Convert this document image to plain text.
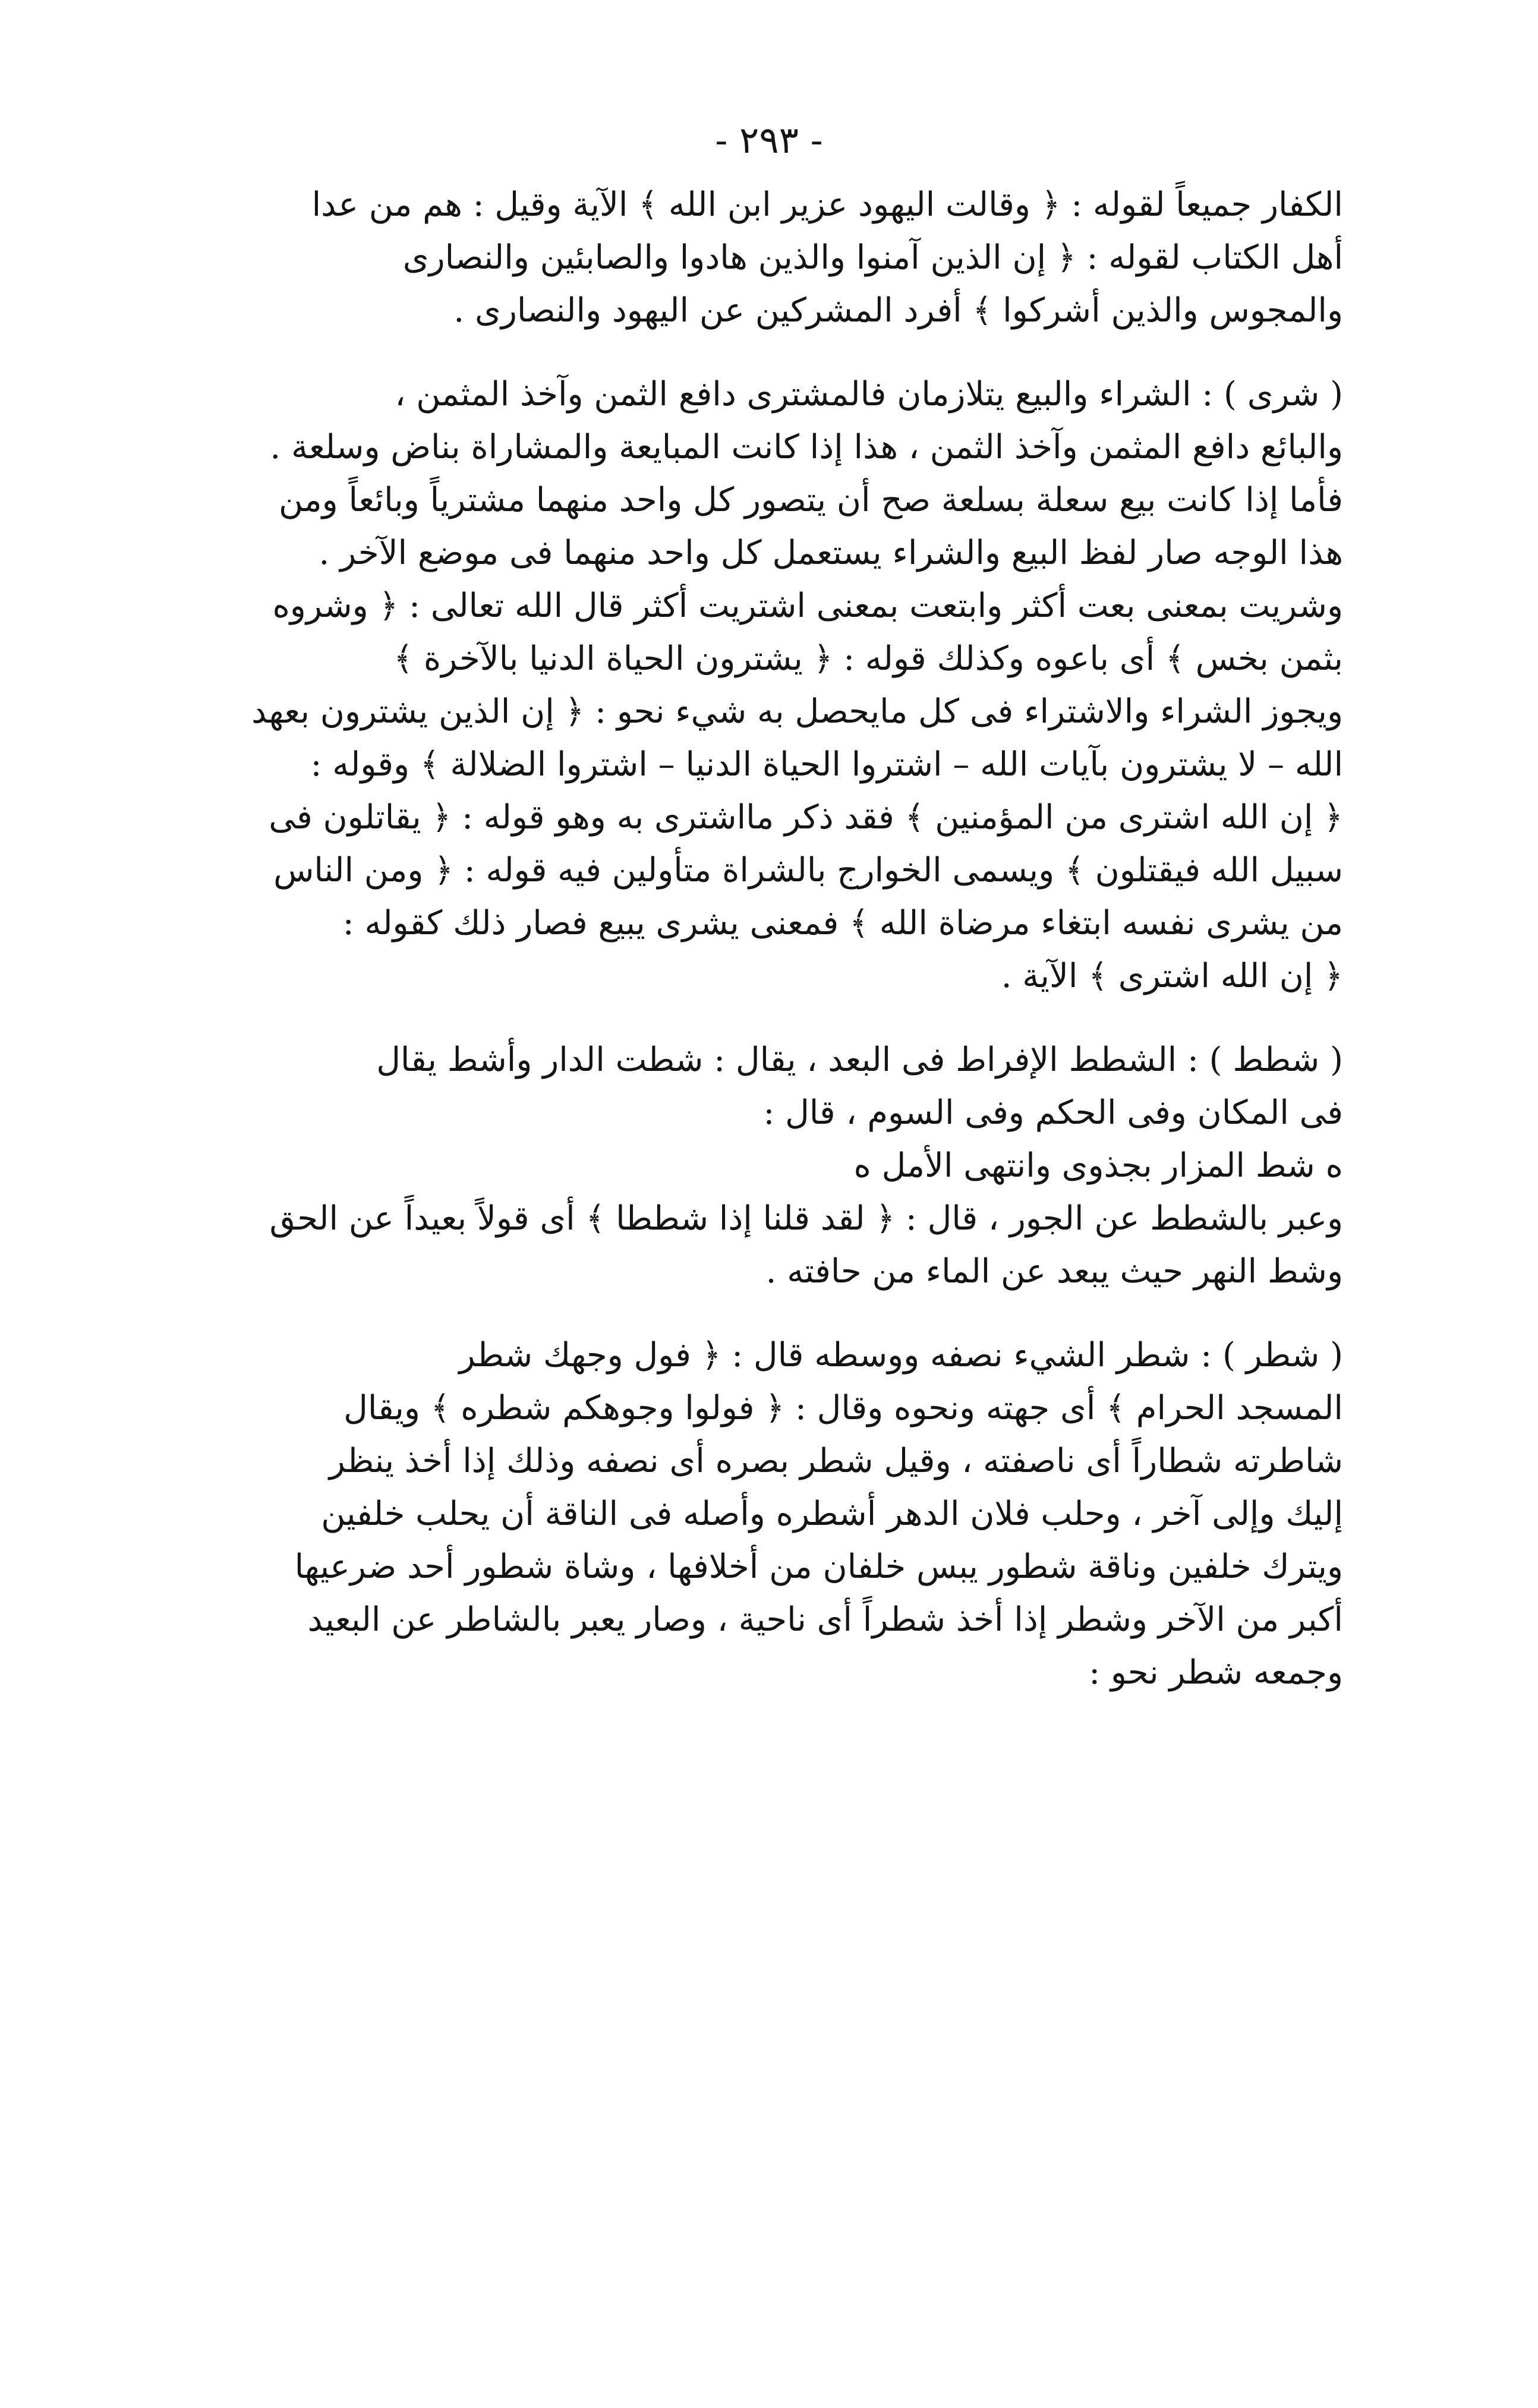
- ٢٩٣ -
الكفار جميعاً لقوله : ﴿ وقالت اليهود عزير ابن الله ﴾ الآية وقيل : هم من عدا
أهل الكتاب لقوله : ﴿ إن الذين آمنوا والذين هادوا والصابئين والنصارى
والمجوس والذين أشركوا ﴾ أفرد المشركين عن اليهود والنصارى .
( شرى ) : الشراء والبيع يتلازمان فالمشترى دافع الثمن وآخذ المثمن ،
والبائع دافع المثمن وآخذ الثمن ، هذا إذا كانت المبايعة والمشاراة بناض وسلعة .
فأما إذا كانت بيع سعلة بسلعة صح أن يتصور كل واحد منهما مشترياً وبائعاً ومن
هذا الوجه صار لفظ البيع والشراء يستعمل كل واحد منهما فى موضع الآخر .
وشريت بمعنى بعت أكثر وابتعت بمعنى اشتريت أكثر قال الله تعالى : ﴿ وشروه
بثمن بخس ﴾ أى باعوه وكذلك قوله : ﴿ يشترون الحياة الدنيا بالآخرة ﴾
ويجوز الشراء والاشتراء فى كل مايحصل به شيء نحو : ﴿ إن الذين يشترون بعهد
الله – لا يشترون بآيات الله – اشتروا الحياة الدنيا – اشتروا الضلالة ﴾ وقوله :
﴿ إن الله اشترى من المؤمنين ﴾ فقد ذكر مااشترى به وهو قوله : ﴿ يقاتلون فى
سبيل الله فيقتلون ﴾ ويسمى الخوارج بالشراة متأولين فيه قوله : ﴿ ومن الناس
من يشرى نفسه ابتغاء مرضاة الله ﴾ فمعنى يشرى يبيع فصار ذلك كقوله :
﴿ إن الله اشترى ﴾ الآية .
( شطط ) : الشطط الإفراط فى البعد ، يقال : شطت الدار وأشط يقال
فى المكان وفى الحكم وفى السوم ، قال :
ه شط المزار بجذوى وانتهى الأمل ه
وعبر بالشطط عن الجور ، قال : ﴿ لقد قلنا إذا شططا ﴾ أى قولاً بعيداً عن الحق
وشط النهر حيث يبعد عن الماء من حافته .
( شطر ) : شطر الشيء نصفه ووسطه قال : ﴿ فول وجهك شطر
المسجد الحرام ﴾ أى جهته ونحوه وقال : ﴿ فولوا وجوهكم شطره ﴾ ويقال
شاطرته شطاراً أى ناصفته ، وقيل شطر بصره أى نصفه وذلك إذا أخذ ينظر
إليك وإلى آخر ، وحلب فلان الدهر أشطره وأصله فى الناقة أن يحلب خلفين
ويترك خلفين وناقة شطور يبس خلفان من أخلافها ، وشاة شطور أحد ضرعيها
أكبر من الآخر وشطر إذا أخذ شطراً أى ناحية ، وصار يعبر بالشاطر عن البعيد
وجمعه شطر نحو :
